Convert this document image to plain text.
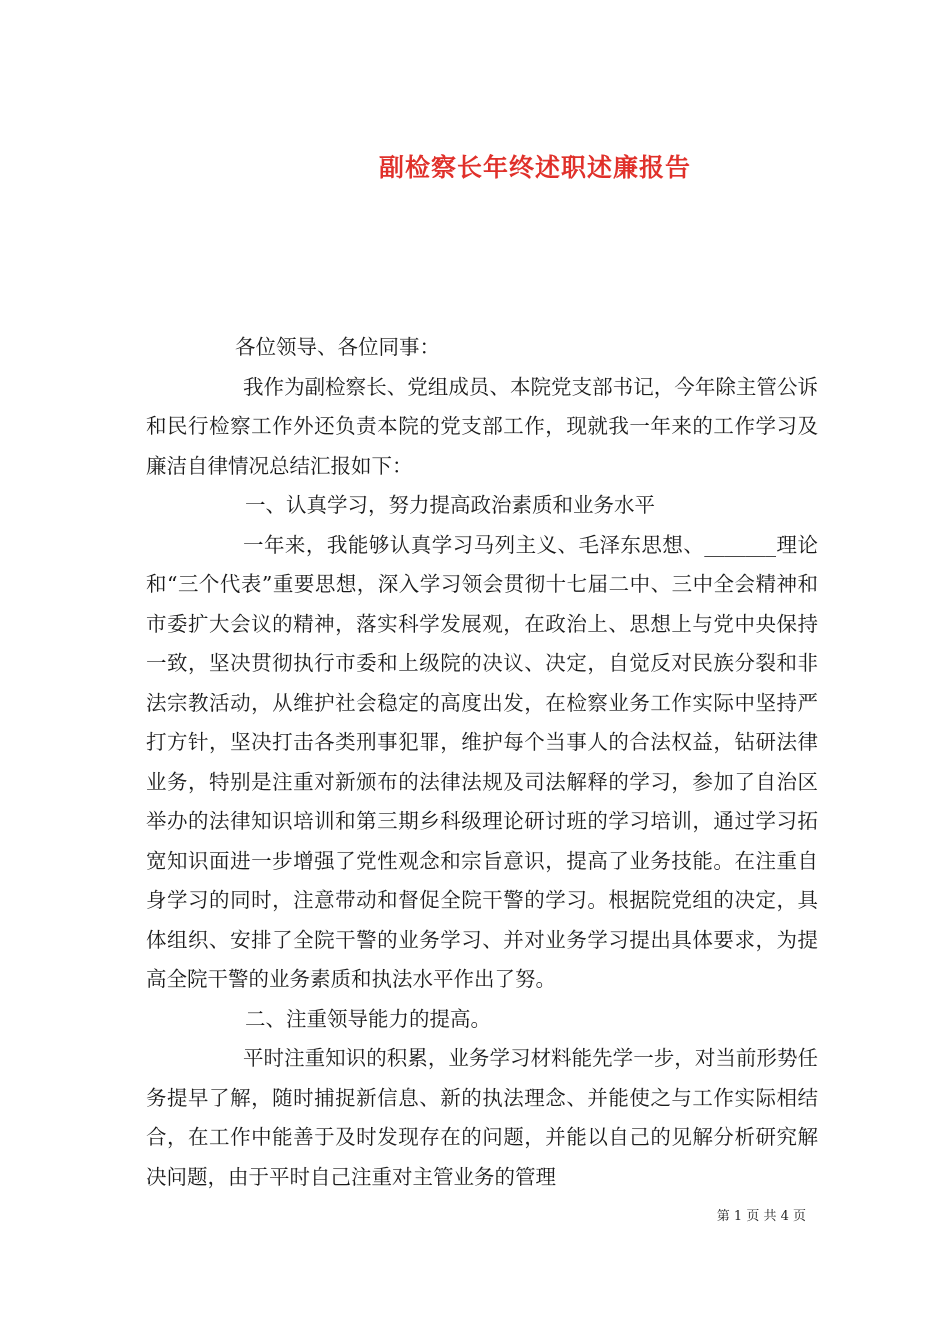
副检察长年终述职述廉报告

各位领导、各位同事：

我作为副检察长、党组成员、本院党支部书记，今年除主管公诉和民行检察工作外还负责本院的党支部工作，现就我一年来的工作学习及廉洁自律情况总结汇报如下：

一、认真学习，努力提高政治素质和业务水平

一年来，我能够认真学习马列主义、毛泽东思想、_______理论和“三个代表”重要思想，深入学习领会贯彻十七届二中、三中全会精神和市委扩大会议的精神，落实科学发展观，在政治上、思想上与党中央保持一致，坚决贯彻执行市委和上级院的决议、决定，自觉反对民族分裂和非法宗教活动，从维护社会稳定的高度出发，在检察业务工作实际中坚持严打方针，坚决打击各类刑事犯罪，维护每个当事人的合法权益，钻研法律业务，特别是注重对新颁布的法律法规及司法解释的学习，参加了自治区举办的法律知识培训和第三期乡科级理论研讨班的学习培训，通过学习拓宽知识面进一步增强了党性观念和宗旨意识，提高了业务技能。在注重自身学习的同时，注意带动和督促全院干警的学习。根据院党组的决定，具体组织、安排了全院干警的业务学习、并对业务学习提出具体要求，为提高全院干警的业务素质和执法水平作出了努。

二、注重领导能力的提高。

平时注重知识的积累，业务学习材料能先学一步，对当前形势任务提早了解，随时捕捉新信息、新的执法理念、并能使之与工作实际相结合，在工作中能善于及时发现存在的问题，并能以自己的见解分析研究解决问题，由于平时自己注重对主管业务的管理

第 1 页 共 4 页
